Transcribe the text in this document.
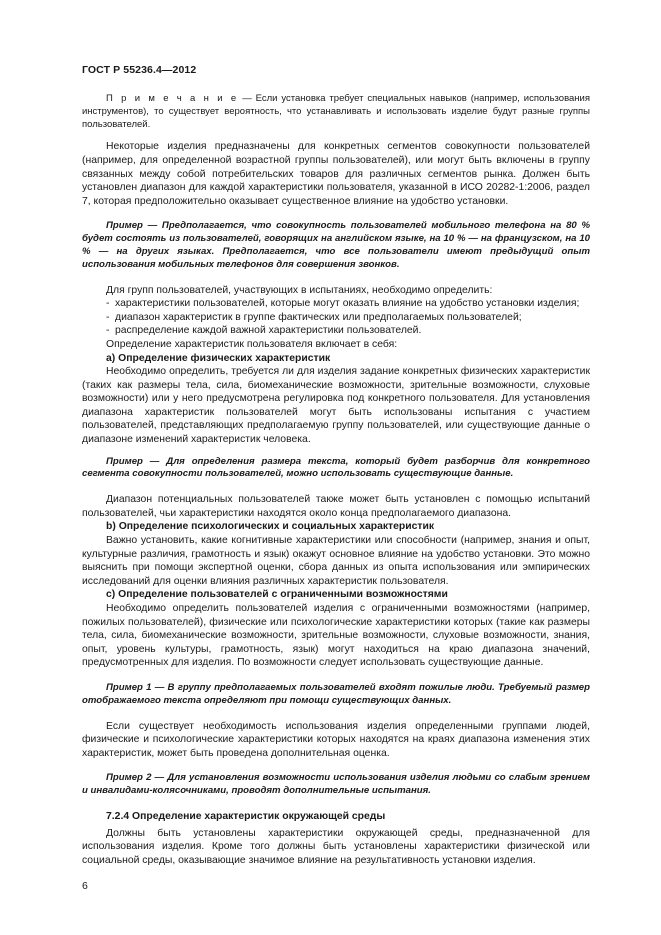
ГОСТ Р 55236.4—2012

П р и м е ч а н и е — Если установка требует специальных навыков (например, использования инструментов), то существует вероятность, что устанавливать и использовать изделие будут разные группы пользователей.

Некоторые изделия предназначены для конкретных сегментов совокупности пользователей (например, для определенной возрастной группы пользователей), или могут быть включены в группу связанных между собой потребительских товаров для различных сегментов рынка. Должен быть установлен диапазон для каждой характеристики пользователя, указанной в ИСО 20282-1:2006, раздел 7, которая предположительно оказывает существенное влияние на удобство установки.

Пример — Предполагается, что совокупность пользователей мобильного телефона на 80 % будет состоять из пользователей, говорящих на английском языке, на 10 % — на французском, на 10 % — на других языках. Предполагается, что все пользователи имеют предыдущий опыт использования мобильных телефонов для совершения звонков.

Для групп пользователей, участвующих в испытаниях, необходимо определить:

- характеристики пользователей, которые могут оказать влияние на удобство установки изделия;
- диапазон характеристик в группе фактических или предполагаемых пользователей;
- распределение каждой важной характеристики пользователей.

Определение характеристик пользователя включает в себя:

а) Определение физических характеристик

Необходимо определить, требуется ли для изделия задание конкретных физических характеристик (таких как размеры тела, сила, биомеханические возможности, зрительные возможности, слуховые возможности) или у него предусмотрена регулировка под конкретного пользователя. Для установления диапазона характеристик пользователей могут быть использованы испытания с участием пользователей, представляющих предполагаемую группу пользователей, или существующие данные о диапазоне изменений характеристик человека.

Пример — Для определения размера текста, который будет разборчив для конкретного сегмента совокупности пользователей, можно использовать существующие данные.

Диапазон потенциальных пользователей также может быть установлен с помощью испытаний пользователей, чьи характеристики находятся около конца предполагаемого диапазона.

b) Определение психологических и социальных характеристик

Важно установить, какие когнитивные характеристики или способности (например, знания и опыт, культурные различия, грамотность и язык) окажут основное влияние на удобство установки. Это можно выяснить при помощи экспертной оценки, сбора данных из опыта использования или эмпирических исследований для оценки влияния различных характеристик пользователя.

с) Определение пользователей с ограниченными возможностями

Необходимо определить пользователей изделия с ограниченными возможностями (например, пожилых пользователей), физические или психологические характеристики которых (такие как размеры тела, сила, биомеханические возможности, зрительные возможности, слуховые возможности, знания, опыт, уровень культуры, грамотность, язык) могут находиться на краю диапазона значений, предусмотренных для изделия. По возможности следует использовать существующие данные.

Пример 1 — В группу предполагаемых пользователей входят пожилые люди. Требуемый размер отображаемого текста определяют при помощи существующих данных.

Если существует необходимость использования изделия определенными группами людей, физические и психологические характеристики которых находятся на краях диапазона изменения этих характеристик, может быть проведена дополнительная оценка.

Пример 2 — Для установления возможности использования изделия людьми со слабым зрением и инвалидами-колясочниками, проводят дополнительные испытания.

7.2.4 Определение характеристик окружающей среды

Должны быть установлены характеристики окружающей среды, предназначенной для использования изделия. Кроме того должны быть установлены характеристики физической или социальной среды, оказывающие значимое влияние на результативность установки изделия.

6
